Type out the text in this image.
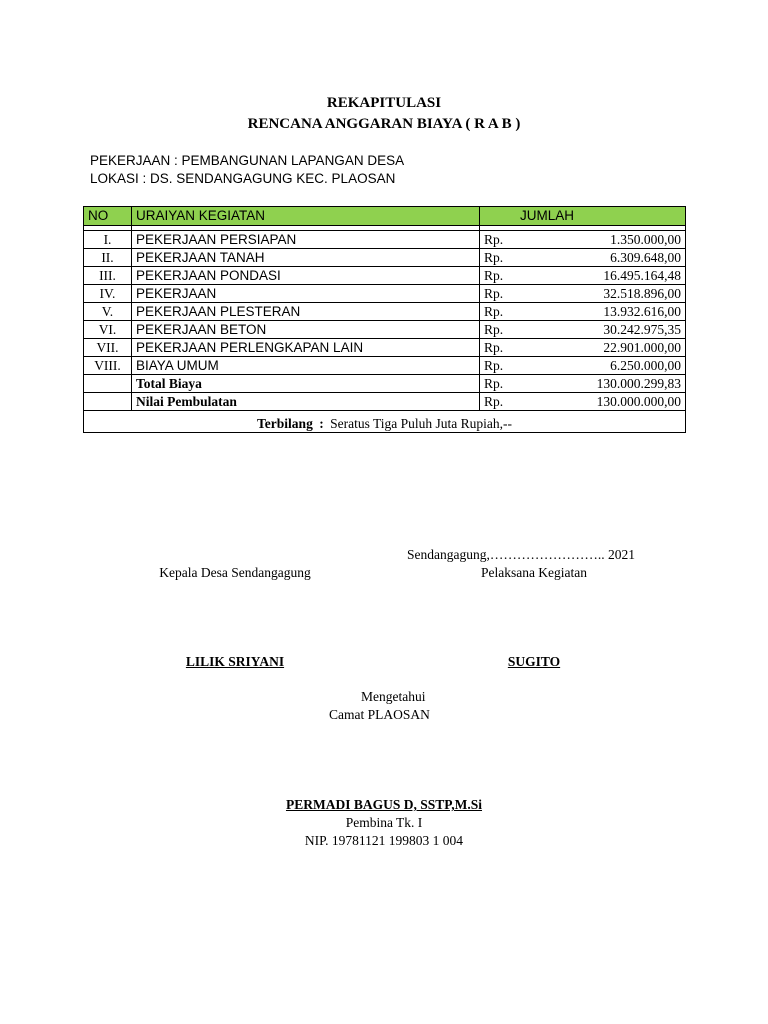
REKAPITULASI
RENCANA ANGGARAN BIAYA ( R A B )
PEKERJAAN : PEMBANGUNAN LAPANGAN DESA
LOKASI : DS. SENDANGAGUNG KEC. PLAOSAN
NO	URAIYAN KEGIATAN	JUMLAH	

I.	PEKERJAAN PERSIAPAN	Rp.	1.350.000,00
II.	PEKERJAAN TANAH	Rp.	6.309.648,00
III.	PEKERJAAN PONDASI	Rp.	16.495.164,48
IV.	PEKERJAAN	Rp.	32.518.896,00
V.	PEKERJAAN PLESTERAN	Rp.	13.932.616,00
VI.	PEKERJAAN BETON	Rp.	30.242.975,35
VII.	PEKERJAAN PERLENGKAPAN LAIN	Rp.	22.901.000,00
VIII.	BIAYA UMUM	Rp.	6.250.000,00
	Total Biaya	Rp.	130.000.299,83
	Nilai Pembulatan	Rp.	130.000.000,00

Terbilang : Seratus Tiga Puluh Juta Rupiah,--			
Sendangagung,…………………….. 2021
Kepala Desa Sendangagung	Pelaksana Kegiatan
LILIK SRIYANI	SUGITO
Mengetahui
Camat PLAOSAN
PERMADI BAGUS D, SSTP,M.Si
Pembina Tk. I
NIP. 19781121 199803 1 004
